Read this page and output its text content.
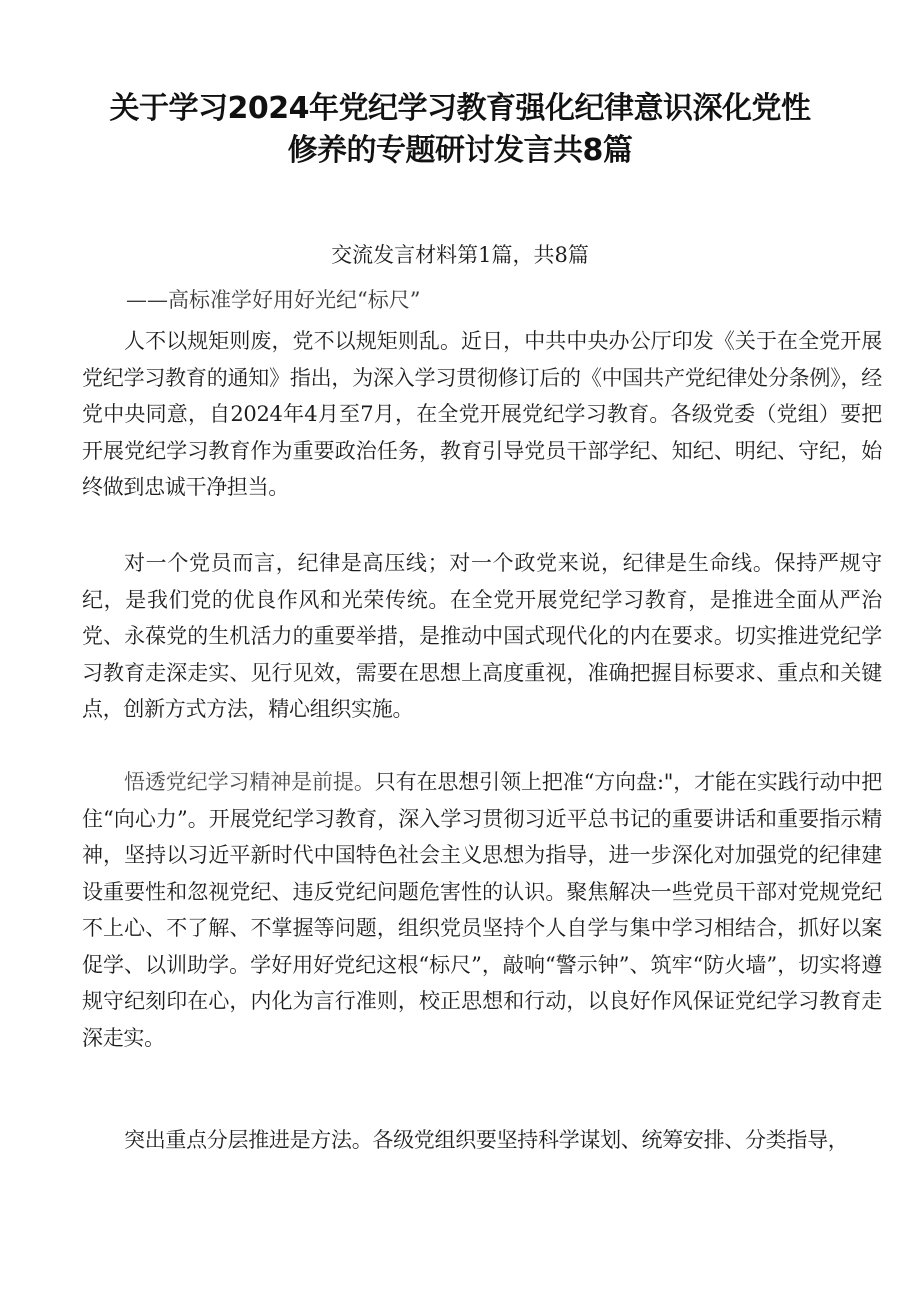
关于学习2024年党纪学习教育强化纪律意识深化党性
修养的专题研讨发言共8篇
交流发言材料第1篇，共8篇
——高标准学好用好光纪“标尺”

人不以规矩则废，党不以规矩则乱。近日，中共中央办公厅印发《关于在全党开展党纪学习教育的通知》指出，为深入学习贯彻修订后的《中国共产党纪律处分条例》，经党中央同意，自2024年4月至7月，在全党开展党纪学习教育。各级党委（党组）要把开展党纪学习教育作为重要政治任务，教育引导党员干部学纪、知纪、明纪、守纪，始终做到忠诚干净担当。

对一个党员而言，纪律是高压线；对一个政党来说，纪律是生命线。保持严规守纪，是我们党的优良作风和光荣传统。在全党开展党纪学习教育，是推进全面从严治党、永葆党的生机活力的重要举措，是推动中国式现代化的内在要求。切实推进党纪学习教育走深走实、见行见效，需要在思想上高度重视，准确把握目标要求、重点和关键点，创新方式方法，精心组织实施。

悟透党纪学习精神是前提。只有在思想引领上把准“方向盘:"，才能在实践行动中把住“向心力”。开展党纪学习教育，深入学习贯彻习近平总书记的重要讲话和重要指示精神，坚持以习近平新时代中国特色社会主义思想为指导，进一步深化对加强党的纪律建设重要性和忽视党纪、违反党纪问题危害性的认识。聚焦解决一些党员干部对党规党纪不上心、不了解、不掌握等问题，组织党员坚持个人自学与集中学习相结合，抓好以案促学、以训助学。学好用好党纪这根“标尺”，敲响“警示钟”、筑牢“防火墙”，切实将遵规守纪刻印在心，内化为言行准则，校正思想和行动，以良好作风保证党纪学习教育走深走实。

突出重点分层推进是方法。各级党组织要坚持科学谋划、统筹安排、分类指导，
